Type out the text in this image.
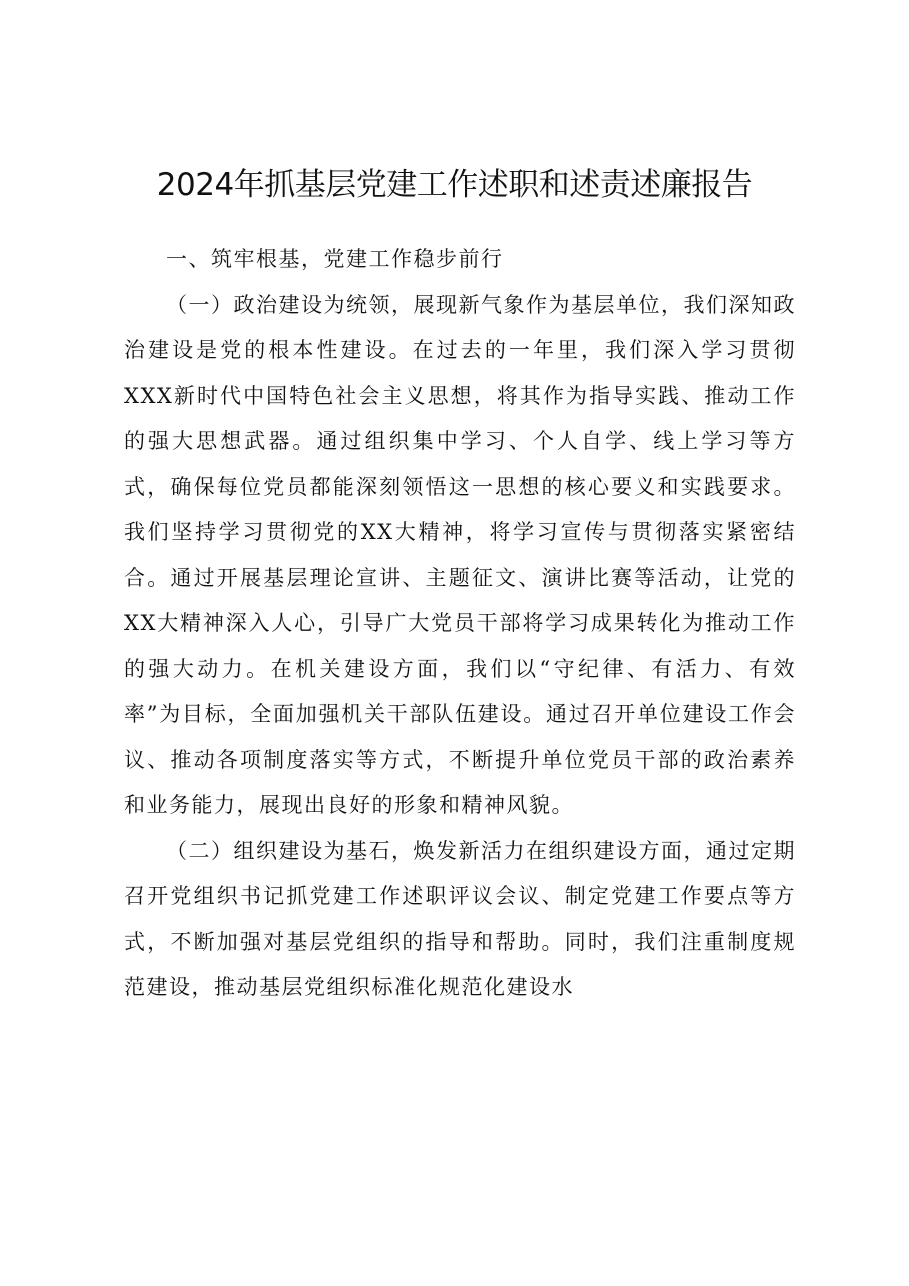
2024年抓基层党建工作述职和述责述廉报告

一、筑牢根基，党建工作稳步前行

（一）政治建设为统领，展现新气象作为基层单位，我们深知政治建设是党的根本性建设。在过去的一年里，我们深入学习贯彻XXX新时代中国特色社会主义思想，将其作为指导实践、推动工作的强大思想武器。通过组织集中学习、个人自学、线上学习等方式，确保每位党员都能深刻领悟这一思想的核心要义和实践要求。我们坚持学习贯彻党的XX大精神，将学习宣传与贯彻落实紧密结合。通过开展基层理论宣讲、主题征文、演讲比赛等活动，让党的XX大精神深入人心，引导广大党员干部将学习成果转化为推动工作的强大动力。在机关建设方面，我们以“守纪律、有活力、有效率”为目标，全面加强机关干部队伍建设。通过召开单位建设工作会议、推动各项制度落实等方式，不断提升单位党员干部的政治素养和业务能力，展现出良好的形象和精神风貌。

（二）组织建设为基石，焕发新活力在组织建设方面，通过定期召开党组织书记抓党建工作述职评议会议、制定党建工作要点等方式，不断加强对基层党组织的指导和帮助。同时，我们注重制度规范建设，推动基层党组织标准化规范化建设水
